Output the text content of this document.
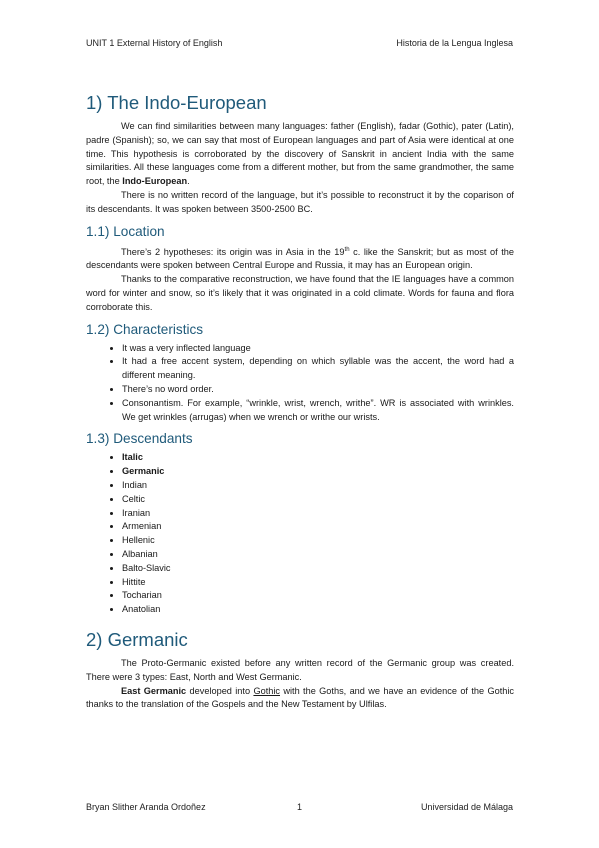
UNIT 1 External History of English	Historia de la Lengua Inglesa
1) The Indo-European

We can find similarities between many languages: father (English), fadar (Gothic), pater (Latin), padre (Spanish); so, we can say that most of European languages and part of Asia were identical at one time. This hypothesis is corroborated by the discovery of Sanskrit in ancient India with the same similarities. All these languages come from a different mother, but from the same grandmother, the same root, the Indo-European.

There is no written record of the language, but it’s possible to reconstruct it by the coparison of its descendants. It was spoken between 3500-2500 BC.

1.1) Location

There’s 2 hypotheses: its origin was in Asia in the 19th c. like the Sanskrit; but as most of the descendants were spoken between Central Europe and Russia, it may has an European origin.

Thanks to the comparative reconstruction, we have found that the IE languages have a common word for winter and snow, so it’s likely that it was originated in a cold climate. Words for fauna and flora corroborate this.

1.2) Characteristics
• It was a very inflected language
• It had a free accent system, depending on which syllable was the accent, the word had a different meaning.
• There’s no word order.
• Consonantism. For example, “wrinkle, wrist, wrench, writhe”. WR is associated with wrinkles. We get wrinkles (arrugas) when we wrench or writhe our wrists.
1.3) Descendants
• Italic
• Germanic
• Indian
• Celtic
• Iranian
• Armenian
• Hellenic
• Albanian
• Balto-Slavic
• Hittite
• Tocharian
• Anatolian
2) Germanic

The Proto-Germanic existed before any written record of the Germanic group was created. There were 3 types: East, North and West Germanic.

East Germanic developed into Gothic with the Goths, and we have an evidence of the Gothic thanks to the translation of the Gospels and the New Testament by Ulfilas.

Bryan Slither Aranda Ordoñez	1	Universidad de Málaga
